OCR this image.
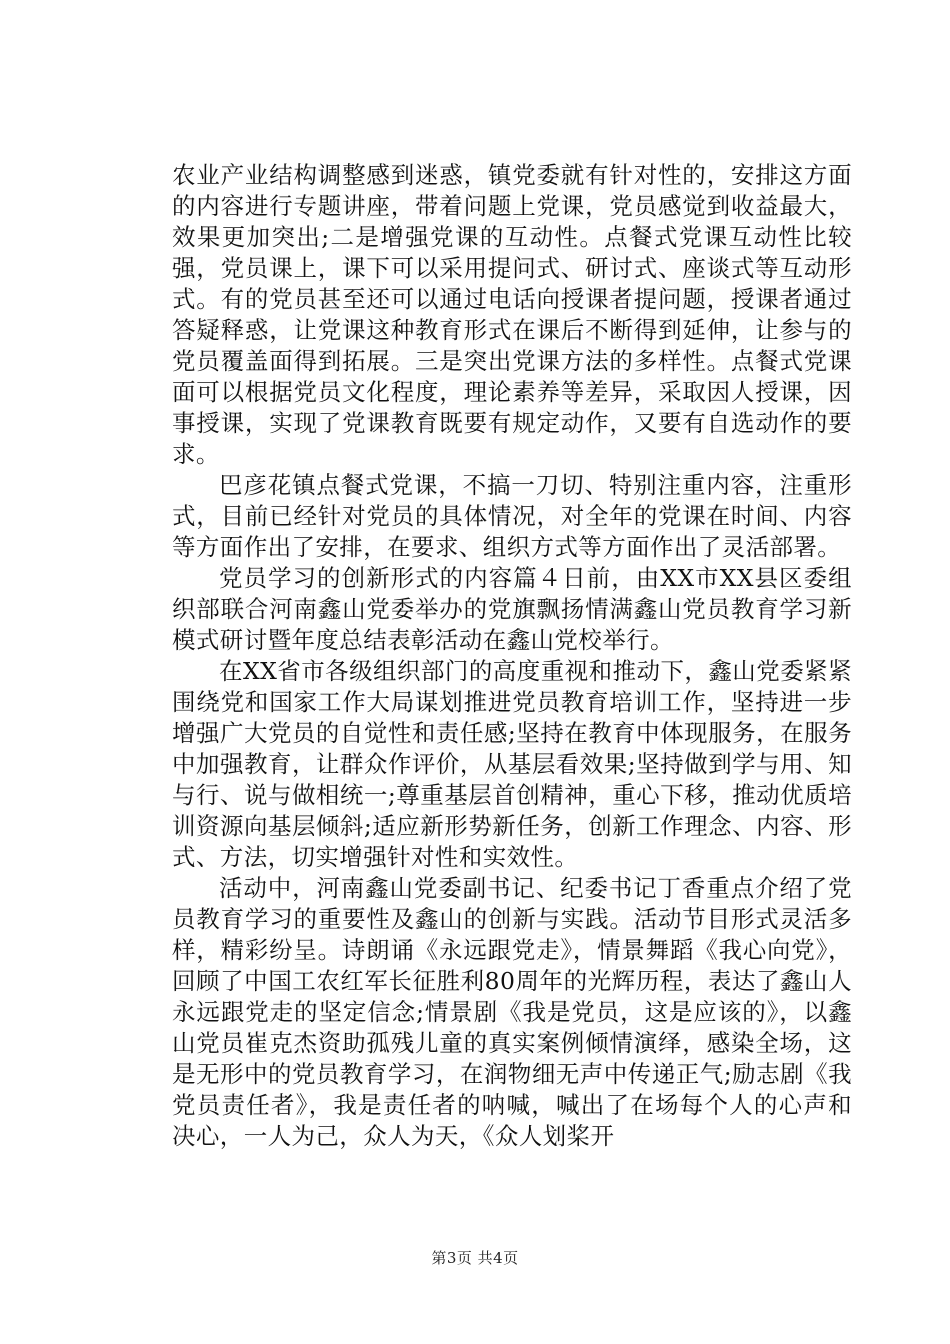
农业产业结构调整感到迷惑，镇党委就有针对性的，安排这方面的内容进行专题讲座，带着问题上党课，党员感觉到收益最大，效果更加突出;二是增强党课的互动性。点餐式党课互动性比较强，党员课上，课下可以采用提问式、研讨式、座谈式等互动形式。有的党员甚至还可以通过电话向授课者提问题，授课者通过答疑释惑，让党课这种教育形式在课后不断得到延伸，让参与的党员覆盖面得到拓展。三是突出党课方法的多样性。点餐式党课面可以根据党员文化程度，理论素养等差异，采取因人授课，因事授课，实现了党课教育既要有规定动作，又要有自选动作的要求。

巴彦花镇点餐式党课，不搞一刀切、特别注重内容，注重形式，目前已经针对党员的具体情况，对全年的党课在时间、内容等方面作出了安排，在要求、组织方式等方面作出了灵活部署。

党员学习的创新形式的内容篇４日前，由XX市XX县区委组织部联合河南鑫山党委举办的党旗飘扬情满鑫山党员教育学习新模式研讨暨年度总结表彰活动在鑫山党校举行。

在XX省市各级组织部门的高度重视和推动下，鑫山党委紧紧围绕党和国家工作大局谋划推进党员教育培训工作，坚持进一步增强广大党员的自觉性和责任感;坚持在教育中体现服务，在服务中加强教育，让群众作评价，从基层看效果;坚持做到学与用、知与行、说与做相统一;尊重基层首创精神，重心下移，推动优质培训资源向基层倾斜;适应新形势新任务，创新工作理念、内容、形式、方法，切实增强针对性和实效性。

活动中，河南鑫山党委副书记、纪委书记丁香重点介绍了党员教育学习的重要性及鑫山的创新与实践。活动节目形式灵活多样，精彩纷呈。诗朗诵《永远跟党走》，情景舞蹈《我心向党》，回顾了中国工农红军长征胜利80周年的光辉历程，表达了鑫山人永远跟党走的坚定信念;情景剧《我是党员，这是应该的》，以鑫山党员崔克杰资助孤残儿童的真实案例倾情演绎，感染全场，这是无形中的党员教育学习，在润物细无声中传递正气;励志剧《我党员责任者》，我是责任者的呐喊，喊出了在场每个人的心声和决心，一人为己，众人为天，《众人划桨开

第3页 共4页
